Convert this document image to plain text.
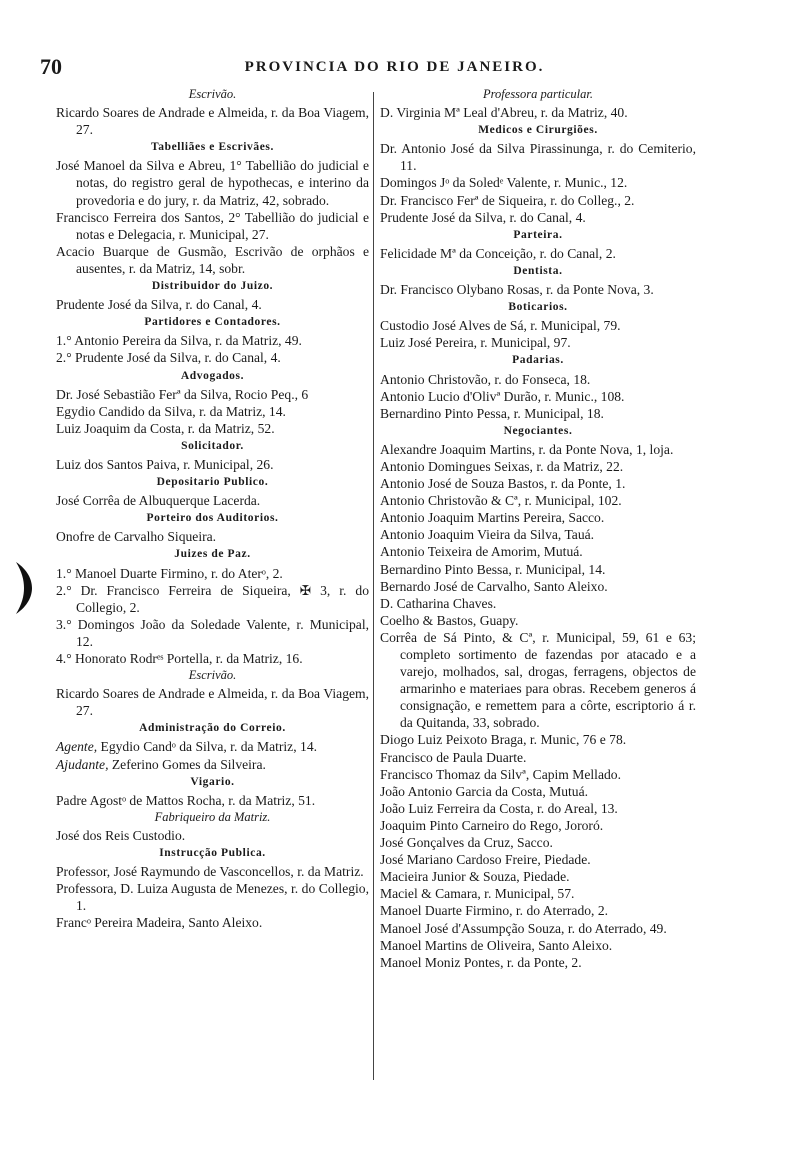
70	PROVINCIA DO RIO DE JANEIRO.
Escrivão.
Ricardo Soares de Andrade e Almeida, r. da Boa Viagem, 27.
Tabelliães e Escrivães.
José Manoel da Silva e Abreu, 1° Tabellião do judicial e notas, do registro geral de hypothecas, e interino da provedoria e do jury, r. da Matriz, 42, sobrado.
Francisco Ferreira dos Santos, 2° Tabellião do judicial e notas e Delegacia, r. Municipal, 27.
Acacio Buarque de Gusmão, Escrivão de orphãos e ausentes, r. da Matriz, 14, sobr.
Distribuidor do Juizo.
Prudente José da Silva, r. do Canal, 4.
Partidores e Contadores.
1.° Antonio Pereira da Silva, r. da Matriz, 49.
2.° Prudente José da Silva, r. do Canal, 4.
Advogados.
Dr. José Sebastião Ferª da Silva, Rocio Peq., 6
Egydio Candido da Silva, r. da Matriz, 14.
Luiz Joaquim da Costa, r. da Matriz, 52.
Solicitador.
Luiz dos Santos Paiva, r. Municipal, 26.
Depositario Publico.
José Corrêa de Albuquerque Lacerda.
Porteiro dos Auditorios.
Onofre de Carvalho Siqueira.
Juizes de Paz.
1.° Manoel Duarte Firmino, r. do Aterᵒ, 2.
2.° Dr. Francisco Ferreira de Siqueira, ✠ 3, r. do Collegio, 2.
3.° Domingos João da Soledade Valente, r. Municipal, 12.
4.° Honorato Rodrᵉˢ Portella, r. da Matriz, 16.
Escrivão.
Ricardo Soares de Andrade e Almeida, r. da Boa Viagem, 27.
Administração do Correio.
Agente, Egydio Candᵒ da Silva, r. da Matriz, 14.
Ajudante, Zeferino Gomes da Silveira.
Vigario.
Padre Agostᵒ de Mattos Rocha, r. da Matriz, 51.
Fabriqueiro da Matriz.
José dos Reis Custodio.
Instrucção Publica.
Professor, José Raymundo de Vasconcellos, r. da Matriz.
Professora, D. Luiza Augusta de Menezes, r. do Collegio, 1.
Francᵒ Pereira Madeira, Santo Aleixo.
Professora particular.
D. Virginia Mª Leal d'Abreu, r. da Matriz, 40.
Medicos e Cirurgiões.
Dr. Antonio José da Silva Pirassinunga, r. do Cemiterio, 11.
Domingos Jᵒ da Soledᵉ Valente, r. Munic., 12.
Dr. Francisco Ferª de Siqueira, r. do Colleg., 2.
Prudente José da Silva, r. do Canal, 4.
Parteira.
Felicidade Mª da Conceição, r. do Canal, 2.
Dentista.
Dr. Francisco Olybano Rosas, r. da Ponte Nova, 3.
Boticarios.
Custodio José Alves de Sá, r. Municipal, 79.
Luiz José Pereira, r. Municipal, 97.
Padarias.
Antonio Christovão, r. do Fonseca, 18.
Antonio Lucio d'Olivª Durão, r. Munic., 108.
Bernardino Pinto Pessa, r. Municipal, 18.
Negociantes.
Alexandre Joaquim Martins, r. da Ponte Nova, 1, loja.
Antonio Domingues Seixas, r. da Matriz, 22.
Antonio José de Souza Bastos, r. da Ponte, 1.
Antonio Christovão & Cª, r. Municipal, 102.
Antonio Joaquim Martins Pereira, Sacco.
Antonio Joaquim Vieira da Silva, Tauá.
Antonio Teixeira de Amorim, Mutuá.
Bernardino Pinto Bessa, r. Municipal, 14.
Bernardo José de Carvalho, Santo Aleixo.
D. Catharina Chaves.
Coelho & Bastos, Guapy.
Corrêa de Sá Pinto, & Cª, r. Municipal, 59, 61 e 63; completo sortimento de fazendas por atacado e a varejo, molhados, sal, drogas, ferragens, objectos de armarinho e materiaes para obras. Recebem generos á consignação, e remettem para a côrte, escriptorio á r. da Quitanda, 33, sobrado.
Diogo Luiz Peixoto Braga, r. Munic, 76 e 78.
Francisco de Paula Duarte.
Francisco Thomaz da Silvª, Capim Mellado.
João Antonio Garcia da Costa, Mutuá.
João Luiz Ferreira da Costa, r. do Areal, 13.
Joaquim Pinto Carneiro do Rego, Jororó.
José Gonçalves da Cruz, Sacco.
José Mariano Cardoso Freire, Piedade.
Macieira Junior & Souza, Piedade.
Maciel & Camara, r. Municipal, 57.
Manoel Duarte Firmino, r. do Aterrado, 2.
Manoel José d'Assumpção Souza, r. do Aterrado, 49.
Manoel Martins de Oliveira, Santo Aleixo.
Manoel Moniz Pontes, r. da Ponte, 2.
